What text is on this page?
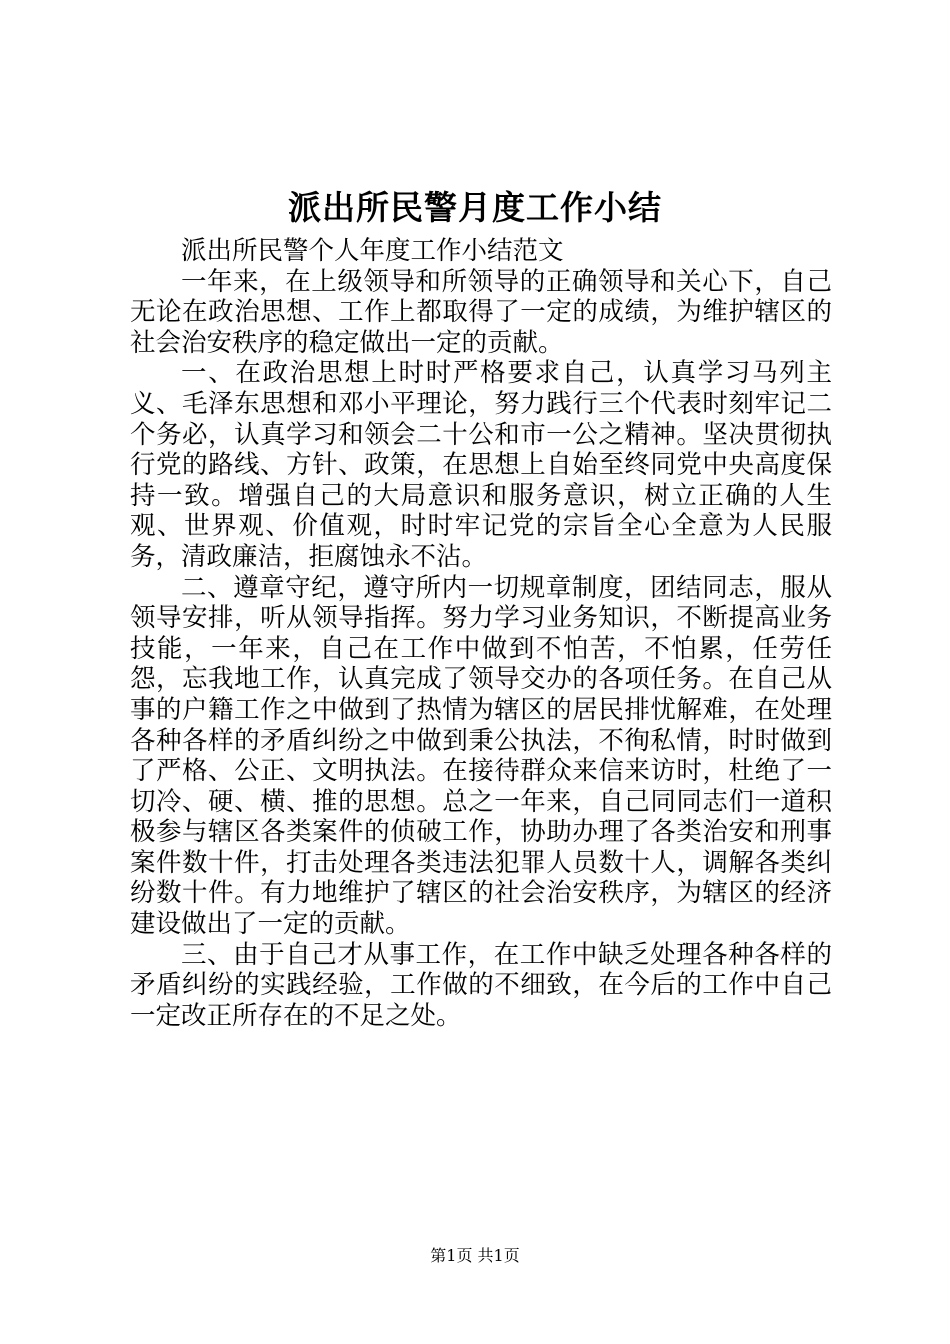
派出所民警月度工作小结

派出所民警个人年度工作小结范文

一年来，在上级领导和所领导的正确领导和关心下，自己无论在政治思想、工作上都取得了一定的成绩，为维护辖区的社会治安秩序的稳定做出一定的贡献。

一、在政治思想上时时严格要求自己，认真学习马列主义、毛泽东思想和邓小平理论，努力践行三个代表时刻牢记二个务必，认真学习和领会二十公和市一公之精神。坚决贯彻执行党的路线、方针、政策，在思想上自始至终同党中央高度保持一致。增强自己的大局意识和服务意识，树立正确的人生观、世界观、价值观，时时牢记党的宗旨全心全意为人民服务，清政廉洁，拒腐蚀永不沾。

二、遵章守纪，遵守所内一切规章制度，团结同志，服从领导安排，听从领导指挥。努力学习业务知识，不断提高业务技能，一年来，自己在工作中做到不怕苦，不怕累，任劳任怨，忘我地工作，认真完成了领导交办的各项任务。在自己从事的户籍工作之中做到了热情为辖区的居民排忧解难，在处理各种各样的矛盾纠纷之中做到秉公执法，不徇私情，时时做到了严格、公正、文明执法。在接待群众来信来访时，杜绝了一切冷、硬、横、推的思想。总之一年来，自己同同志们一道积极参与辖区各类案件的侦破工作，协助办理了各类治安和刑事案件数十件，打击处理各类违法犯罪人员数十人，调解各类纠纷数十件。有力地维护了辖区的社会治安秩序，为辖区的经济建设做出了一定的贡献。

三、由于自己才从事工作，在工作中缺乏处理各种各样的矛盾纠纷的实践经验，工作做的不细致，在今后的工作中自己一定改正所存在的不足之处。

第1页 共1页
